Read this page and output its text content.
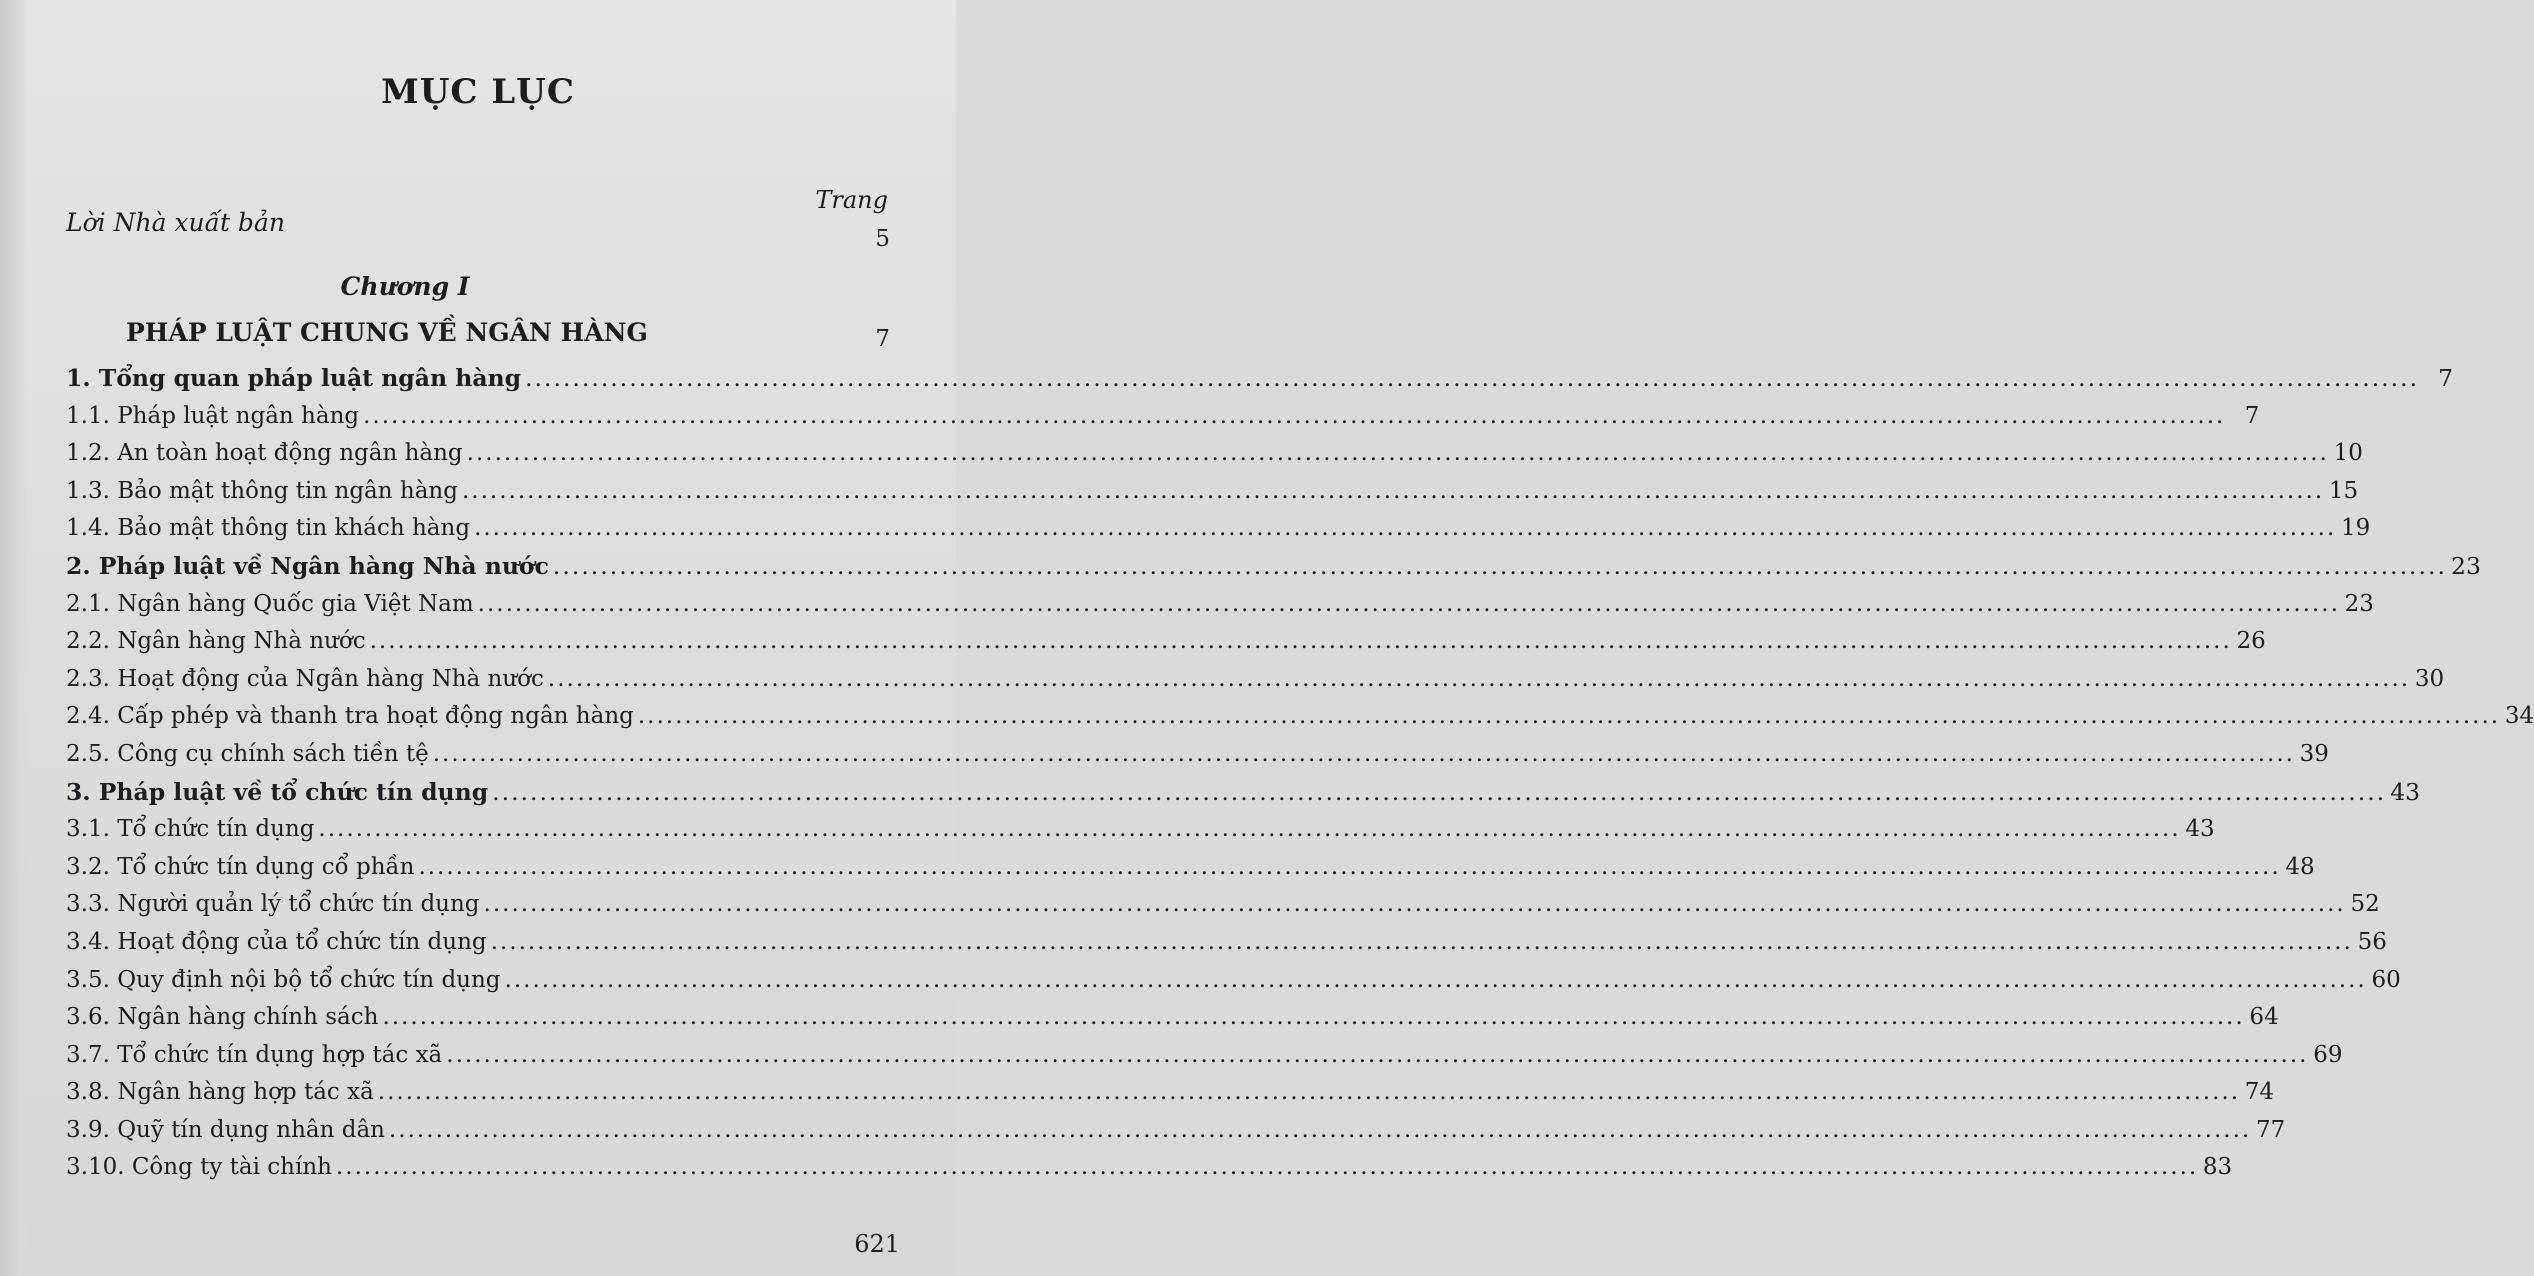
MỤC LỤC
Trang
Lời Nhà xuất bản
5
Chương I
PHÁP LUẬT CHUNG VỀ NGÂN HÀNG	7
1. Tổng quan pháp luật ngân hàng ........................................................................................................................................................................................................ 7
1.1. Pháp luật ngân hàng ........................................................................................................................................................................................................ 7
1.2. An toàn hoạt động ngân hàng ........................................................................................................................................................................................................ 10
1.3. Bảo mật thông tin ngân hàng ........................................................................................................................................................................................................ 15
1.4. Bảo mật thông tin khách hàng ........................................................................................................................................................................................................ 19
2. Pháp luật về Ngân hàng Nhà nước ........................................................................................................................................................................................................ 23
2.1. Ngân hàng Quốc gia Việt Nam ........................................................................................................................................................................................................ 23
2.2. Ngân hàng Nhà nước ........................................................................................................................................................................................................ 26
2.3. Hoạt động của Ngân hàng Nhà nước ........................................................................................................................................................................................................ 30
2.4. Cấp phép và thanh tra hoạt động ngân hàng ........................................................................................................................................................................................................ 34
2.5. Công cụ chính sách tiền tệ ........................................................................................................................................................................................................ 39
3. Pháp luật về tổ chức tín dụng ........................................................................................................................................................................................................ 43
3.1. Tổ chức tín dụng ........................................................................................................................................................................................................ 43
3.2. Tổ chức tín dụng cổ phần ........................................................................................................................................................................................................ 48
3.3. Người quản lý tổ chức tín dụng ........................................................................................................................................................................................................ 52
3.4. Hoạt động của tổ chức tín dụng ........................................................................................................................................................................................................ 56
3.5. Quy định nội bộ tổ chức tín dụng ........................................................................................................................................................................................................ 60
3.6. Ngân hàng chính sách ........................................................................................................................................................................................................ 64
3.7. Tổ chức tín dụng hợp tác xã ........................................................................................................................................................................................................ 69
3.8. Ngân hàng hợp tác xã ........................................................................................................................................................................................................ 74
3.9. Quỹ tín dụng nhân dân ........................................................................................................................................................................................................ 77
3.10. Công ty tài chính ........................................................................................................................................................................................................ 83
621
